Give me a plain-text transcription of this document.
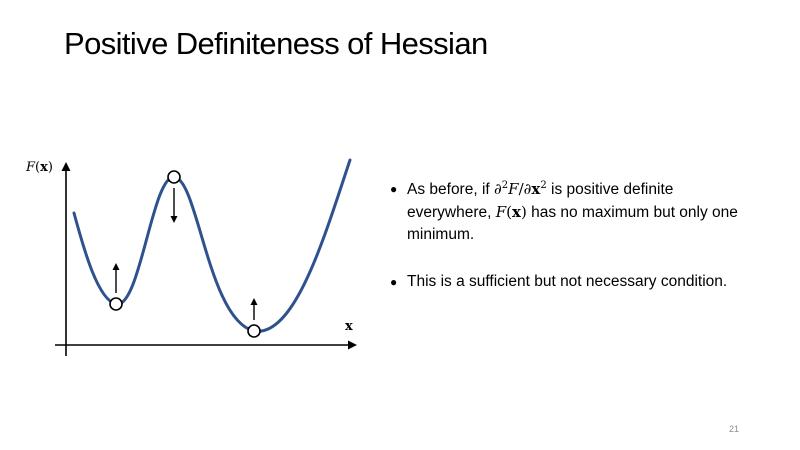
Positive Definiteness of Hessian
F(x)
x
● As before, if $\partial^2F/\partial x^2$ is positive definite everywhere, F(x) has no maximum but only one minimum.
● This is a sufficient but not necessary condition.
21
